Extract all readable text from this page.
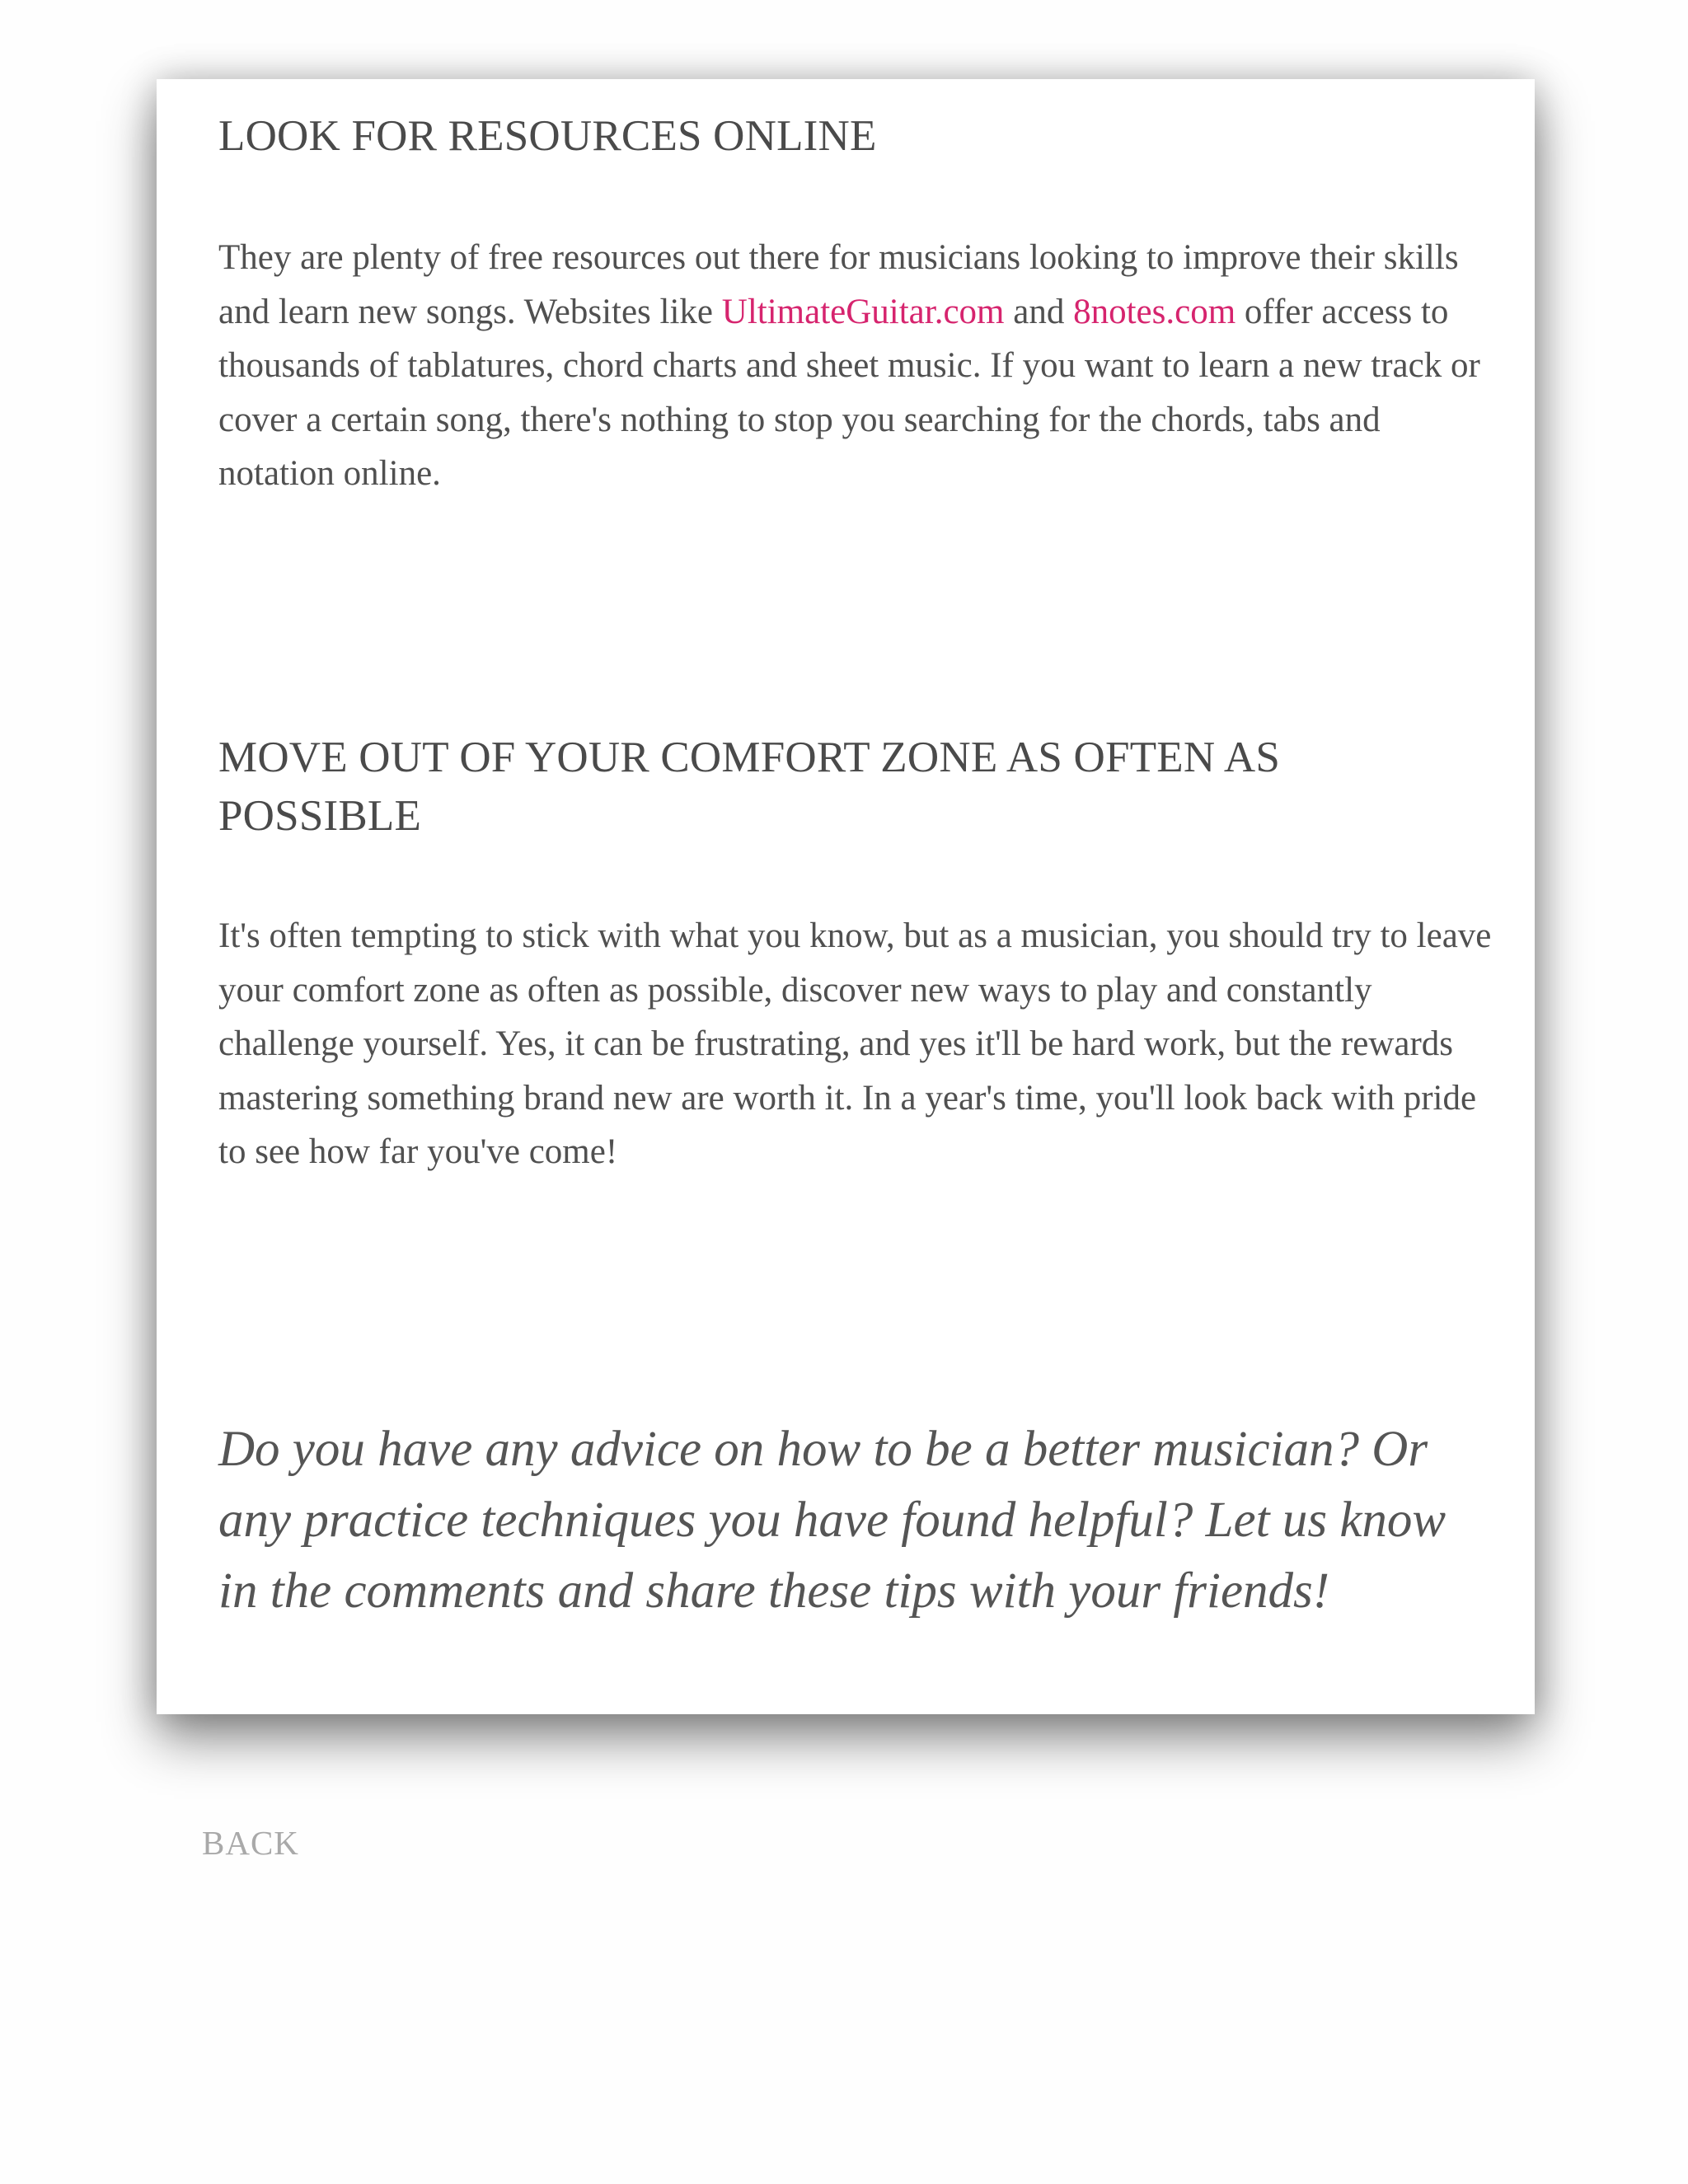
LOOK FOR RESOURCES ONLINE

They are plenty of free resources out there for musicians looking to improve their skills and learn new songs. Websites like UltimateGuitar.com and 8notes.com offer access to thousands of tablatures, chord charts and sheet music. If you want to learn a new track or cover a certain song, there's nothing to stop you searching for the chords, tabs and notation online.

MOVE OUT OF YOUR COMFORT ZONE AS OFTEN AS POSSIBLE

It's often tempting to stick with what you know, but as a musician, you should try to leave your comfort zone as often as possible, discover new ways to play and constantly challenge yourself. Yes, it can be frustrating, and yes it'll be hard work, but the rewards mastering something brand new are worth it. In a year's time, you'll look back with pride to see how far you've come!

Do you have any advice on how to be a better musician? Or any practice techniques you have found helpful? Let us know in the comments and share these tips with your friends!

BACK
